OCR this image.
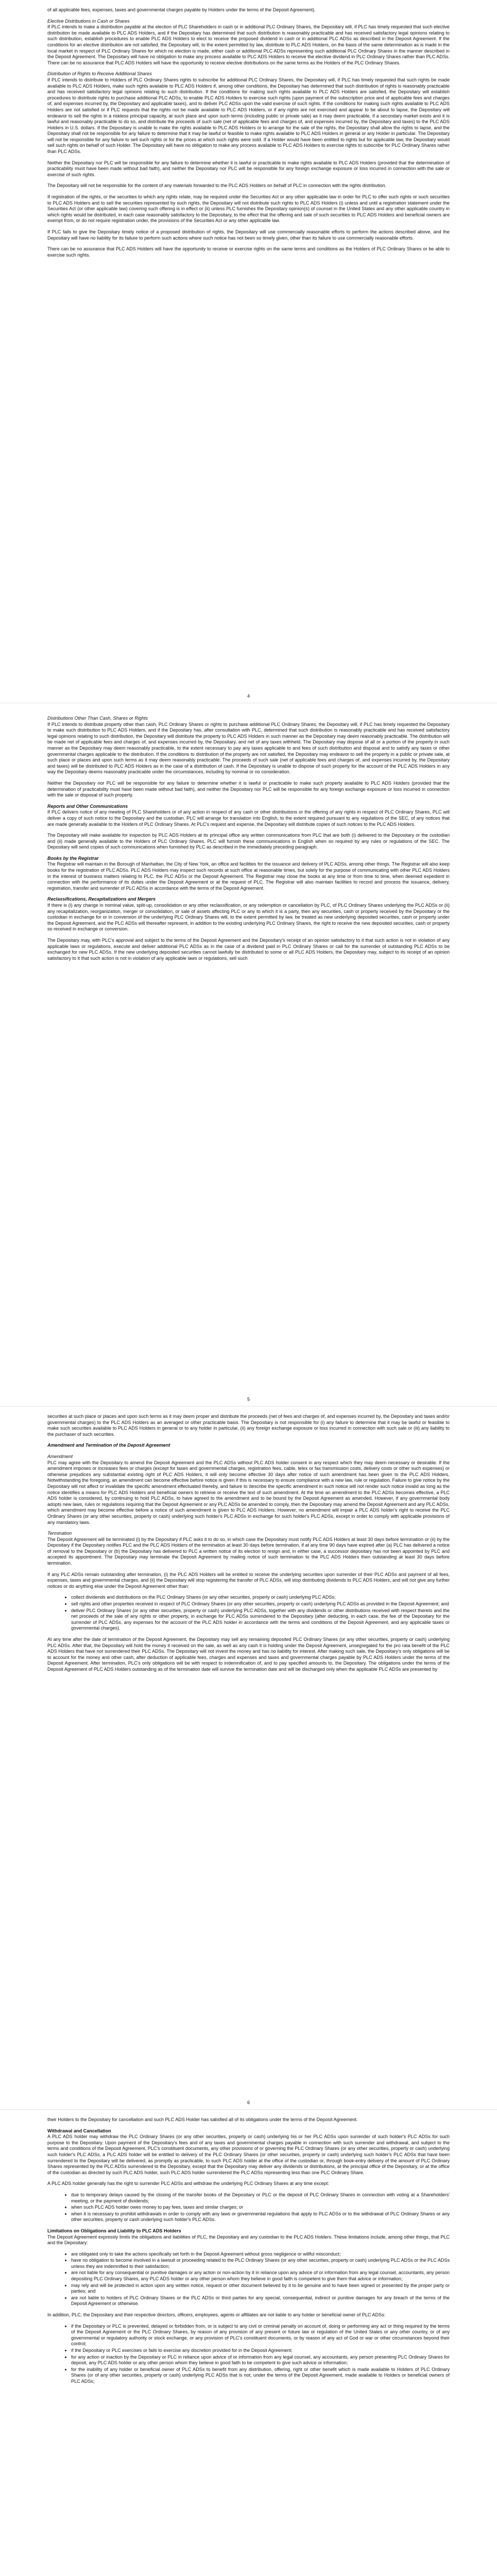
of all applicable fees, expenses, taxes and governmental charges payable by Holders under the terms of the Deposit Agreement).

Elective Distributions in Cash or Shares

If PLC intends to make a distribution payable at the election of PLC Shareholders in cash or in additional PLC Ordinary Shares, the Depositary will, if PLC has timely requested that such elective distribution be made available to PLC ADS Holders, and if the Depositary has determined that such distribution is reasonably practicable and has received satisfactory legal opinions relating to such distribution, establish procedures to enable PLC ADS Holders to elect to receive the proposed dividend in cash or in additional PLC ADSs as described in the Deposit Agreement. If the conditions for an elective distribution are not satisfied, the Depositary will, to the extent permitted by law, distribute to PLC ADS Holders, on the basis of the same determination as is made in the local market in respect of PLC Ordinary Shares for which no election is made, either cash or additional PLC ADSs representing such additional PLC Ordinary Shares in the manner described in the Deposit Agreement. The Depositary will have no obligation to make any process available to PLC ADS Holders to receive the elective dividend in PLC Ordinary Shares rather than PLC ADSs. There can be no assurance that PLC ADS Holders will have the opportunity to receive elective distributions on the same terms as the Holders of the PLC Ordinary Shares.

Distribution of Rights to Receive Additional Shares

If PLC intends to distribute to Holders of PLC Ordinary Shares rights to subscribe for additional PLC Ordinary Shares, the Depositary will, if PLC has timely requested that such rights be made available to PLC ADS Holders, make such rights available to PLC ADS Holders if, among other conditions, the Depositary has determined that such distribution of rights is reasonably practicable and has received satisfactory legal opinions relating to such distribution. If the conditions for making such rights available to PLC ADS Holders are satisfied, the Depositary will establish procedures to distribute rights to purchase additional PLC ADSs, to enable PLC ADS Holders to exercise such rights (upon payment of the subscription price and of applicable fees and charges of, and expenses incurred by, the Depositary and applicable taxes), and to deliver PLC ADSs upon the valid exercise of such rights. If the conditions for making such rights available to PLC ADS Holders are not satisfied or if PLC requests that the rights not be made available to PLC ADS Holders, or if any rights are not exercised and appear to be about to lapse, the Depositary will endeavor to sell the rights in a riskless principal capacity, at such place and upon such terms (including public or private sale) as it may deem practicable, if a secondary market exists and it is lawful and reasonably practicable to do so, and distribute the proceeds of such sale (net of applicable fees and charges of, and expenses incurred by, the Depositary and taxes) to the PLC ADS Holders in U.S. dollars. If the Depositary is unable to make the rights available to PLC ADS Holders or to arrange for the sale of the rights, the Depositary shall allow the rights to lapse, and the Depositary shall not be responsible for any failure to determine that it may be lawful or feasible to make rights available to PLC ADS Holders in general or any Holder in particular. The Depositary will not be responsible for any failure to sell such rights or for the prices at which such rights were sold. If a Holder would have been entitled to rights but for applicable law, the Depositary would sell such rights on behalf of such Holder. The Depositary will have no obligation to make any process available to PLC ADS Holders to exercise rights to subscribe for PLC Ordinary Shares rather than PLC ADSs.

Neither the Depositary nor PLC will be responsible for any failure to determine whether it is lawful or practicable to make rights available to PLC ADS Holders (provided that the determination of practicability must have been made without bad faith), and neither the Depositary nor PLC will be responsible for any foreign exchange exposure or loss incurred in connection with the sale or exercise of such rights.

The Depositary will not be responsible for the content of any materials forwarded to the PLC ADS Holders on behalf of PLC in connection with the rights distribution.

If registration of the rights, or the securities to which any rights relate, may be required under the Securities Act or any other applicable law in order for PLC to offer such rights or such securities to PLC ADS Holders and to sell the securities represented by such rights, the Depositary will not distribute such rights to PLC ADS Holders (i) unless and until a registration statement under the Securities Act (or other applicable law) covering such offering is in effect or (ii) unless PLC furnishes the Depositary opinion(s) of counsel in the United States and any other applicable country in which rights would be distributed, in each case reasonably satisfactory to the Depositary, to the effect that the offering and sale of such securities to PLC ADS Holders and beneficial owners are exempt from, or do not require registration under, the provisions of the Securities Act or any other applicable law.

If PLC fails to give the Depositary timely notice of a proposed distribution of rights, the Depositary will use commercially reasonable efforts to perform the actions described above, and the Depositary will have no liability for its failure to perform such actions where such notice has not been so timely given, other than its failure to use commercially reasonable efforts.

There can be no assurance that PLC ADS Holders will have the opportunity to receive or exercise rights on the same terms and conditions as the Holders of PLC Ordinary Shares or be able to exercise such rights.

4
Distributions Other Than Cash, Shares or Rights

If PLC intends to distribute property other than cash, PLC Ordinary Shares or rights to purchase additional PLC Ordinary Shares, the Depositary will, if PLC has timely requested the Depositary to make such distribution to PLC ADS Holders, and if the Depositary has, after consultation with PLC, determined that such distribution is reasonably practicable and has received satisfactory legal opinions relating to such distribution, the Depositary will distribute the property to PLC ADS Holders in such manner as the Depositary may deem reasonably practicable. The distribution will be made net of applicable fees and charges of, and expenses incurred by, the Depositary, and net of any taxes withheld. The Depositary may dispose of all or a portion of the property in such manner as the Depositary may deem reasonably practicable, to the extent necessary to pay any taxes applicable to and fees of such distribution and disposal and to satisfy any taxes or other governmental charges applicable to the distribution. If the conditions to distribution of the property are not satisfied, the Depositary may endeavor to sell the property in a public or private sale, at such place or places and upon such terms as it may deem reasonably practicable. The proceeds of such sale (net of applicable fees and charges of, and expenses incurred by, the Depositary and taxes) will be distributed to PLC ADS Holders as in the case of a distribution of cash. If the Depositary is unable to dispose of such property for the account of the PLC ADS Holders in any way the Depositary deems reasonably practicable under the circumstances, including by nominal or no consideration.

Neither the Depositary nor PLC will be responsible for any failure to determine whether it is lawful or practicable to make such property available to PLC ADS Holders (provided that the determination of practicability must have been made without bad faith), and neither the Depositary nor PLC will be responsible for any foreign exchange exposure or loss incurred in connection with the sale or disposal of such property.

Reports and Other Communications

If PLC delivers notice of any meeting of PLC Shareholders or of any action in respect of any cash or other distributions or the offering of any rights in respect of PLC Ordinary Shares, PLC will deliver a copy of such notice to the Depositary and the custodian. PLC will arrange for translation into English, to the extent required pursuant to any regulations of the SEC, of any notices that are made generally available to the Holders of PLC Ordinary Shares. At PLC's request and expense, the Depositary will distribute copies of such notices to the PLC ADS Holders.

The Depositary will make available for inspection by PLC ADS Holders at its principal office any written communications from PLC that are both (i) delivered to the Depositary or the custodian and (ii) made generally available to the Holders of PLC Ordinary Shares. PLC will furnish these communications in English when so required by any rules or regulations of the SEC. The Depositary will send copies of such communications when furnished by PLC as described in the immediately preceding paragraph.

Books by the Registrar

The Registrar will maintain in the Borough of Manhattan, the City of New York, an office and facilities for the issuance and delivery of PLC ADSs, among other things. The Registrar will also keep books for the registration of PLC ADSs. PLC ADS Holders may inspect such records at such office at reasonable times, but solely for the purpose of communicating with other PLC ADS Holders in the interest of business matters relating to PLC, the PLC ADSs or the Deposit Agreement. The Registrar may close the books at any time or from time to time, when deemed expedient in connection with the performance of its duties under the Deposit Agreement or at the request of PLC. The Registrar will also maintain facilities to record and process the issuance, delivery, registration, transfer and surrender of PLC ADSs in accordance with the terms of the Deposit Agreement.

Reclassifications, Recapitalizations and Mergers

If there is (i) any change in nominal value, split-up, consolidation or any other reclassification, or any redemption or cancellation by PLC, of PLC Ordinary Shares underlying the PLC ADSs or (ii) any recapitalization, reorganization, merger or consolidation, or sale of assets affecting PLC or any to which it is a party, then any securities, cash or property received by the Depositary or the custodian in exchange for or in conversion of the underlying PLC Ordinary Shares will, to the extent permitted by law, be treated as new underlying deposited securities, cash or property under the Deposit Agreement, and the PLC ADSs will thereafter represent, in addition to the existing underlying PLC Ordinary Shares, the right to receive the new deposited securities, cash or property so received in exchange or conversion.

The Depositary may, with PLC's approval and subject to the terms of the Deposit Agreement and the Depositary's receipt of an opinion satisfactory to it that such action is not in violation of any applicable laws or regulations, execute and deliver additional PLC ADSs as in the case of a dividend paid in PLC Ordinary Shares or call for the surrender of outstanding PLC ADSs to be exchanged for new PLC ADSs. If the new underlying deposited securities cannot lawfully be distributed to some or all PLC ADS Holders, the Depositary may, subject to its receipt of an opinion satisfactory to it that such action is not in violation of any applicable laws or regulations, sell such

5

securities at such place or places and upon such terms as it may deem proper and distribute the proceeds (net of fees and charges of, and expenses incurred by, the Depositary and taxes and/or governmental charges) to the PLC ADS Holders as an averaged or other practicable basis. The Depositary is not responsible for (i) any failure to determine that it may be lawful or feasible to make such securities available to PLC ADS Holders in general or to any holder in particular, (ii) any foreign exchange exposure or loss incurred in connection with such sale or (iii) any liability to the purchaser of such securities.

Amendment and Termination of the Deposit Agreement
Amendment

PLC may agree with the Depositary to amend the Deposit Agreement and the PLC ADSs without PLC ADS holder consent in any respect which they may deem necessary or desirable. If the amendment imposes or increases fees or charges (except for taxes and governmental charges, registration fees, cable, telex or fax transmission costs, delivery costs or other such expenses) or otherwise prejudices any substantial existing right of PLC ADS Holders, it will only become effective 30 days after notice of such amendment has been given to the PLC ADS Holders. Notwithstanding the foregoing, an amendment can become effective before notice is given if this is necessary to ensure compliance with a new law, rule or regulation. Failure to give notice by the Depositary will not affect or invalidate the specific amendment effectuated thereby, and failure to describe the specific amendment in such notice will not render such notice invalid as long as the notice identifies a means for PLC ADS Holders and beneficial owners to retrieve or receive the text of such amendment. At the time an amendment to the PLC ADSs becomes effective, a PLC ADS holder is considered, by continuing to hold PLC ADSs, to have agreed to the amendment and to be bound by the Deposit Agreement as amended. However, if any governmental body adopts new laws, rules or regulations requiring that the Deposit Agreement or any PLC ADSs be amended to comply, then the Depositary may amend the Deposit Agreement and any PLC ADSs, which amendment may become effective before a notice of such amendment is given to PLC ADS Holders. However, no amendment will impair a PLC ADS holder's right to receive the PLC Ordinary Shares (or any other securities, property or cash) underlying such holder's PLC ADSs in exchange for such holder's PLC ADSs, except in order to comply with applicable provisions of any mandatory laws.

Termination

The Deposit Agreement will be terminated (i) by the Depositary if PLC asks it to do so, in which case the Depositary must notify PLC ADS Holders at least 30 days before termination or (ii) by the Depositary if the Depositary notifies PLC and the PLC ADS Holders of the termination at least 30 days before termination, if at any time 90 days have expired after (a) PLC has delivered a notice of removal to the Depositary or (b) the Depositary has delivered to PLC a written notice of its election to resign and, in either case, a successor depositary has not been appointed by PLC and accepted its appointment. The Depositary may terminate the Deposit Agreement by mailing notice of such termination to the PLC ADS Holders then outstanding at least 30 days before termination.

If any PLC ADSs remain outstanding after termination, (i) the PLC ADS Holders will be entitled to receive the underlying securities upon surrender of their PLC ADSs and payment of all fees, expenses, taxes and governmental charges, and (ii) the Depositary will stop registering the transfer of PLC ADSs, will stop distributing dividends to PLC ADS Holders, and will not give any further notices or do anything else under the Deposit Agreement other than:

• collect dividends and distributions on the PLC Ordinary Shares (or any other securities, property or cash) underlying PLC ADSs;
• sell rights and other properties received in respect of PLC Ordinary Shares (or any other securities, property or cash) underlying PLC ADSs as provided in the Deposit Agreement; and
• deliver PLC Ordinary Shares (or any other securities, property or cash) underlying PLC ADSs, together with any dividends or other distributions received with respect thereto and the net proceeds of the sale of any rights or other property, in exchange for PLC ADSs surrendered to the Depositary (after deducting, in each case, the fee of the Depositary for the surrender of PLC ADSs, any expenses for the account of the PLC ADS holder in accordance with the terms and conditions of the Deposit Agreement, and any applicable taxes or governmental charges).

At any time after the date of termination of the Deposit Agreement, the Depositary may sell any remaining deposited PLC Ordinary Shares (or any other securities, property or cash) underlying PLC ADSs. After that, the Depositary will hold the money it received on the sale, as well as any cash it is holding under the Deposit Agreement, unsegregated for the pro rata benefit of the PLC ADS Holders that have not surrendered their PLC ADSs. The Depositary will not invest the money and has no liability for interest. After making such sale, the Depositary's only obligations will be to account for the money and other cash, after deduction of applicable fees, charges and expenses and taxes and governmental charges payable by PLC ADS Holders under the terms of the Deposit Agreement. After termination, PLC's only obligations will be with respect to indemnification of, and to pay specified amounts to, the Depositary. The obligations under the terms of the Deposit Agreement of PLC ADS Holders outstanding as of the termination date will survive the termination date and will be discharged only when the applicable PLC ADSs are presented by

6

their Holders to the Depositary for cancellation and such PLC ADS Holder has satisfied all of its obligations under the terms of the Deposit Agreement.

Withdrawal and Cancellation

A PLC ADS holder may withdraw the PLC Ordinary Shares (or any other securities, property or cash) underlying his or her PLC ADSs upon surrender of such holder's PLC ADSs for such purpose to the Depositary. Upon payment of the Depositary's fees and of any taxes and governmental charges payable in connection with such surrender and withdrawal, and subject to the terms and conditions of the Deposit Agreement, PLC's constituent documents, any other provisions of or governing the PLC Ordinary Shares (or any other securities, property or cash) underlying such holder's PLC ADSs, a PLC ADS holder will be entitled to delivery of the PLC Ordinary Shares (or other securities, property or cash) underlying such holder's PLC ADSs that have been surrendered to the Depositary will be delivered, as promptly as practicable, to such PLC ADS holder at the office of the custodian or, through book-entry delivery of the amount of PLC Ordinary Shares represented by the PLC ADSs surrendered to the Depositary, except that the Depositary may deliver any dividends or distributions, at the principal office of the Depositary, or at the office of the custodian as directed by such PLC ADS holder, such PLC ADS holder surrendered the PLC ADSs representing less than one PLC Ordinary Share.

A PLC ADS holder generally has the right to surrender PLC ADSs and withdraw the underlying PLC Ordinary Shares at any time except:

• due to temporary delays caused by the closing of the transfer books of the Depositary or PLC or the deposit of PLC Ordinary Shares in connection with voting at a Shareholders' meeting, or the payment of dividends;
• when such PLC ADS holder owes money to pay fees, taxes and similar charges; or
• when it is necessary to prohibit withdrawals in order to comply with any laws or governmental regulations that apply to PLC ADSs or to the withdrawal of PLC Ordinary Shares or any other securities, property or cash underlying such holder's PLC ADSs.
Limitations on Obligations and Liability to PLC ADS Holders

The Deposit Agreement expressly limits the obligations and liabilities of PLC, the Depositary and any custodian to the PLC ADS Holders. These limitations include, among other things, that PLC and the Depositary:

• are obligated only to take the actions specifically set forth in the Deposit Agreement without gross negligence or willful misconduct;
• have no obligation to become involved in a lawsuit or proceeding related to the PLC Ordinary Shares (or any other securities, property or cash) underlying PLC ADSs or the PLC ADSs unless they are indemnified to their satisfaction;
• are not liable for any consequential or punitive damages or any action or non-action by it in reliance upon any advice of or information from any legal counsel, accountants, any person depositing PLC Ordinary Shares, any PLC ADS holder or any other person whom they believe in good faith is competent to give them that advice or information;
• may rely and will be protected in action upon any written notice, request or other document believed by it to be genuine and to have been signed or presented by the proper party or parties; and
• are not liable to holders of PLC Ordinary Shares or the PLC ADSs or third parties for any special, consequential, indirect or punitive damages for any breach of the terms of the Deposit Agreement or otherwise.

In addition, PLC, the Depositary and their respective directors, officers, employees, agents or affiliates are not liable to any holder or beneficial owner of PLC ADSs:

• if the Depositary or PLC is prevented, delayed or forbidden from, or is subject to any civil or criminal penalty on account of, doing or performing any act or thing required by the terms of the Deposit Agreement or the PLC Ordinary Shares, by reason of any provision of any present or future law or regulation of the United States or any other country, or of any governmental or regulatory authority or stock exchange, or any provision of PLC's constituent documents, or by reason of any act of God or war or other circumstances beyond their control;
• if the Depositary or PLC exercises or fails to exercise any discretion provided for in the Deposit Agreement;
• for any action or inaction by the Depositary or PLC in reliance upon advice of or information from any legal counsel, any accountants, any person presenting PLC Ordinary Shares for deposit, any PLC ADS holder or any other person whom they believe in good faith to be competent to give such advice or information;
• for the inability of any holder or beneficial owner of PLC ADSs to benefit from any distribution, offering, right or other benefit which is made available to Holders of PLC Ordinary Shares (or of any other securities, property or cash) underlying PLC ADSs that is not, under the terms of the Deposit Agreement, made available to Holders or beneficial owners of PLC ADSs;
